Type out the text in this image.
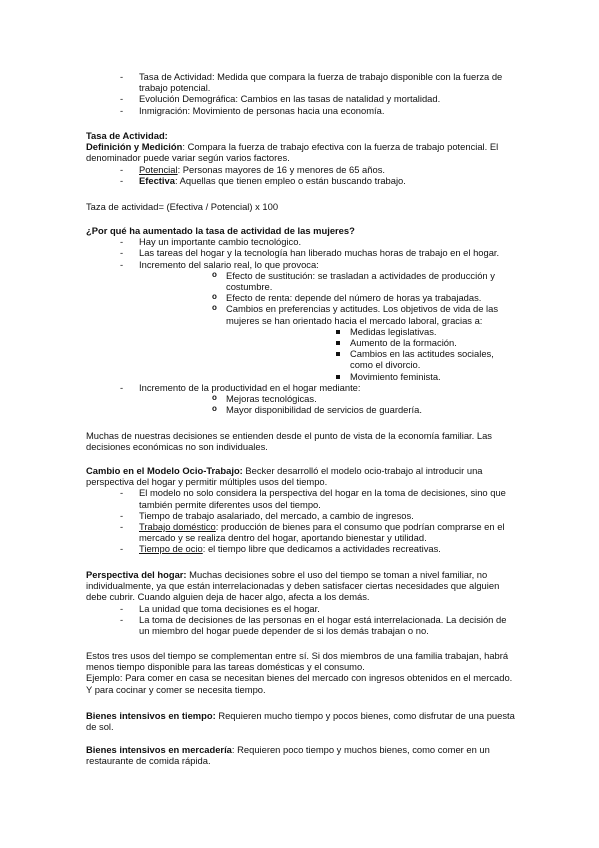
- Tasa de Actividad: Medida que compara la fuerza de trabajo disponible con la fuerza de trabajo potencial.
- Evolución Demográfica: Cambios en las tasas de natalidad y mortalidad.
- Inmigración: Movimiento de personas hacia una economía.

Tasa de Actividad:

Definición y Medición: Compara la fuerza de trabajo efectiva con la fuerza de trabajo potencial. El denominador puede variar según varios factores.

- Potencial: Personas mayores de 16 y menores de 65 años.
- Efectiva: Aquellas que tienen empleo o están buscando trabajo.

Taza de actividad= (Efectiva / Potencial) x 100

¿Por qué ha aumentado la tasa de actividad de las mujeres?

- Hay un importante cambio tecnológico.
- Las tareas del hogar y la tecnología han liberado muchas horas de trabajo en el hogar.
- Incremento del salario real, lo que provoca:
o Efecto de sustitución: se trasladan a actividades de producción y costumbre.
o Efecto de renta: depende del número de horas ya trabajadas.
o Cambios en preferencias y actitudes. Los objetivos de vida de las mujeres se han orientado hacia el mercado laboral, gracias a:
Medidas legislativas.
Aumento de la formación.
Cambios en las actitudes sociales, como el divorcio.
Movimiento feminista.
- Incremento de la productividad en el hogar mediante:
o Mejoras tecnológicas.
o Mayor disponibilidad de servicios de guardería.

Muchas de nuestras decisiones se entienden desde el punto de vista de la economía familiar. Las decisiones económicas no son individuales.

Cambio en el Modelo Ocio-Trabajo: Becker desarrolló el modelo ocio-trabajo al introducir una perspectiva del hogar y permitir múltiples usos del tiempo.

- El modelo no solo considera la perspectiva del hogar en la toma de decisiones, sino que también permite diferentes usos del tiempo.
- Tiempo de trabajo asalariado, del mercado, a cambio de ingresos.
- Trabajo doméstico: producción de bienes para el consumo que podrían comprarse en el mercado y se realiza dentro del hogar, aportando bienestar y utilidad.
- Tiempo de ocio: el tiempo libre que dedicamos a actividades recreativas.

Perspectiva del hogar: Muchas decisiones sobre el uso del tiempo se toman a nivel familiar, no individualmente, ya que están interrelacionadas y deben satisfacer ciertas necesidades que alguien debe cubrir. Cuando alguien deja de hacer algo, afecta a los demás.

- La unidad que toma decisiones es el hogar.
- La toma de decisiones de las personas en el hogar está interrelacionada. La decisión de un miembro del hogar puede depender de si los demás trabajan o no.

Estos tres usos del tiempo se complementan entre sí. Si dos miembros de una familia trabajan, habrá menos tiempo disponible para las tareas domésticas y el consumo.

Ejemplo: Para comer en casa se necesitan bienes del mercado con ingresos obtenidos en el mercado. Y para cocinar y comer se necesita tiempo.

Bienes intensivos en tiempo: Requieren mucho tiempo y pocos bienes, como disfrutar de una puesta de sol.

Bienes intensivos en mercadería: Requieren poco tiempo y muchos bienes, como comer en un restaurante de comida rápida.
